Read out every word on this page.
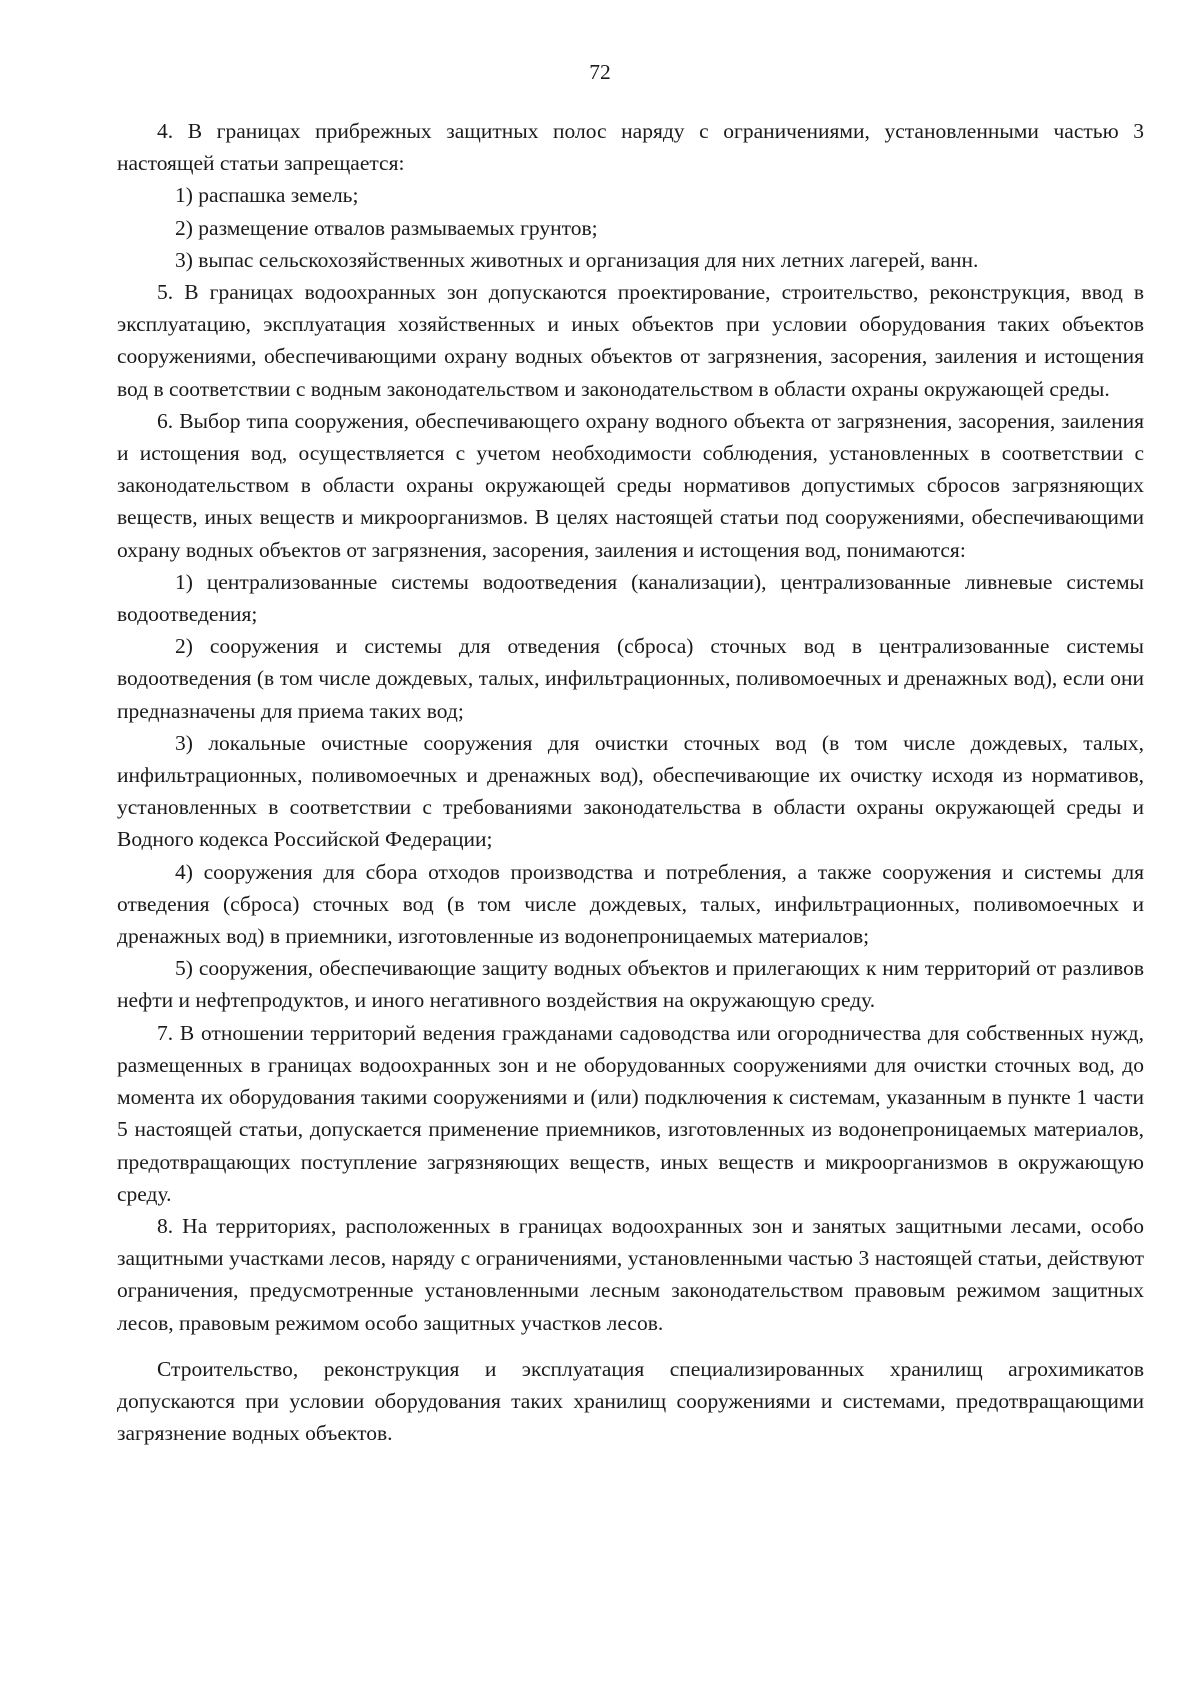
72

4. В границах прибрежных защитных полос наряду с ограничениями, установленными частью 3 настоящей статьи запрещается:

1) распашка земель;

2) размещение отвалов размываемых грунтов;

3) выпас сельскохозяйственных животных и организация для них летних лагерей, ванн.

5. В границах водоохранных зон допускаются проектирование, строительство, реконструкция, ввод в эксплуатацию, эксплуатация хозяйственных и иных объектов при условии оборудования таких объектов сооружениями, обеспечивающими охрану водных объектов от загрязнения, засорения, заиления и истощения вод в соответствии с водным законодательством и законодательством в области охраны окружающей среды.

6. Выбор типа сооружения, обеспечивающего охрану водного объекта от загрязнения, засорения, заиления и истощения вод, осуществляется с учетом необходимости соблюдения, установленных в соответствии с законодательством в области охраны окружающей среды нормативов допустимых сбросов загрязняющих веществ, иных веществ и микроорганизмов. В целях настоящей статьи под сооружениями, обеспечивающими охрану водных объектов от загрязнения, засорения, заиления и истощения вод, понимаются:

1) централизованные системы водоотведения (канализации), централизованные ливневые системы водоотведения;

2) сооружения и системы для отведения (сброса) сточных вод в централизованные системы водоотведения (в том числе дождевых, талых, инфильтрационных, поливомоечных и дренажных вод), если они предназначены для приема таких вод;

3) локальные очистные сооружения для очистки сточных вод (в том числе дождевых, талых, инфильтрационных, поливомоечных и дренажных вод), обеспечивающие их очистку исходя из нормативов, установленных в соответствии с требованиями законодательства в области охраны окружающей среды и Водного кодекса Российской Федерации;

4) сооружения для сбора отходов производства и потребления, а также сооружения и системы для отведения (сброса) сточных вод (в том числе дождевых, талых, инфильтрационных, поливомоечных и дренажных вод) в приемники, изготовленные из водонепроницаемых материалов;

5) сооружения, обеспечивающие защиту водных объектов и прилегающих к ним территорий от разливов нефти и нефтепродуктов, и иного негативного воздействия на окружающую среду.

7. В отношении территорий ведения гражданами садоводства или огородничества для собственных нужд, размещенных в границах водоохранных зон и не оборудованных сооружениями для очистки сточных вод, до момента их оборудования такими сооружениями и (или) подключения к системам, указанным в пункте 1 части 5 настоящей статьи, допускается применение приемников, изготовленных из водонепроницаемых материалов, предотвращающих поступление загрязняющих веществ, иных веществ и микроорганизмов в окружающую среду.

8. На территориях, расположенных в границах водоохранных зон и занятых защитными лесами, особо защитными участками лесов, наряду с ограничениями, установленными частью 3 настоящей статьи, действуют ограничения, предусмотренные установленными лесным законодательством правовым режимом защитных лесов, правовым режимом особо защитных участков лесов.

Строительство, реконструкция и эксплуатация специализированных хранилищ агрохимикатов допускаются при условии оборудования таких хранилищ сооружениями и системами, предотвращающими загрязнение водных объектов.
